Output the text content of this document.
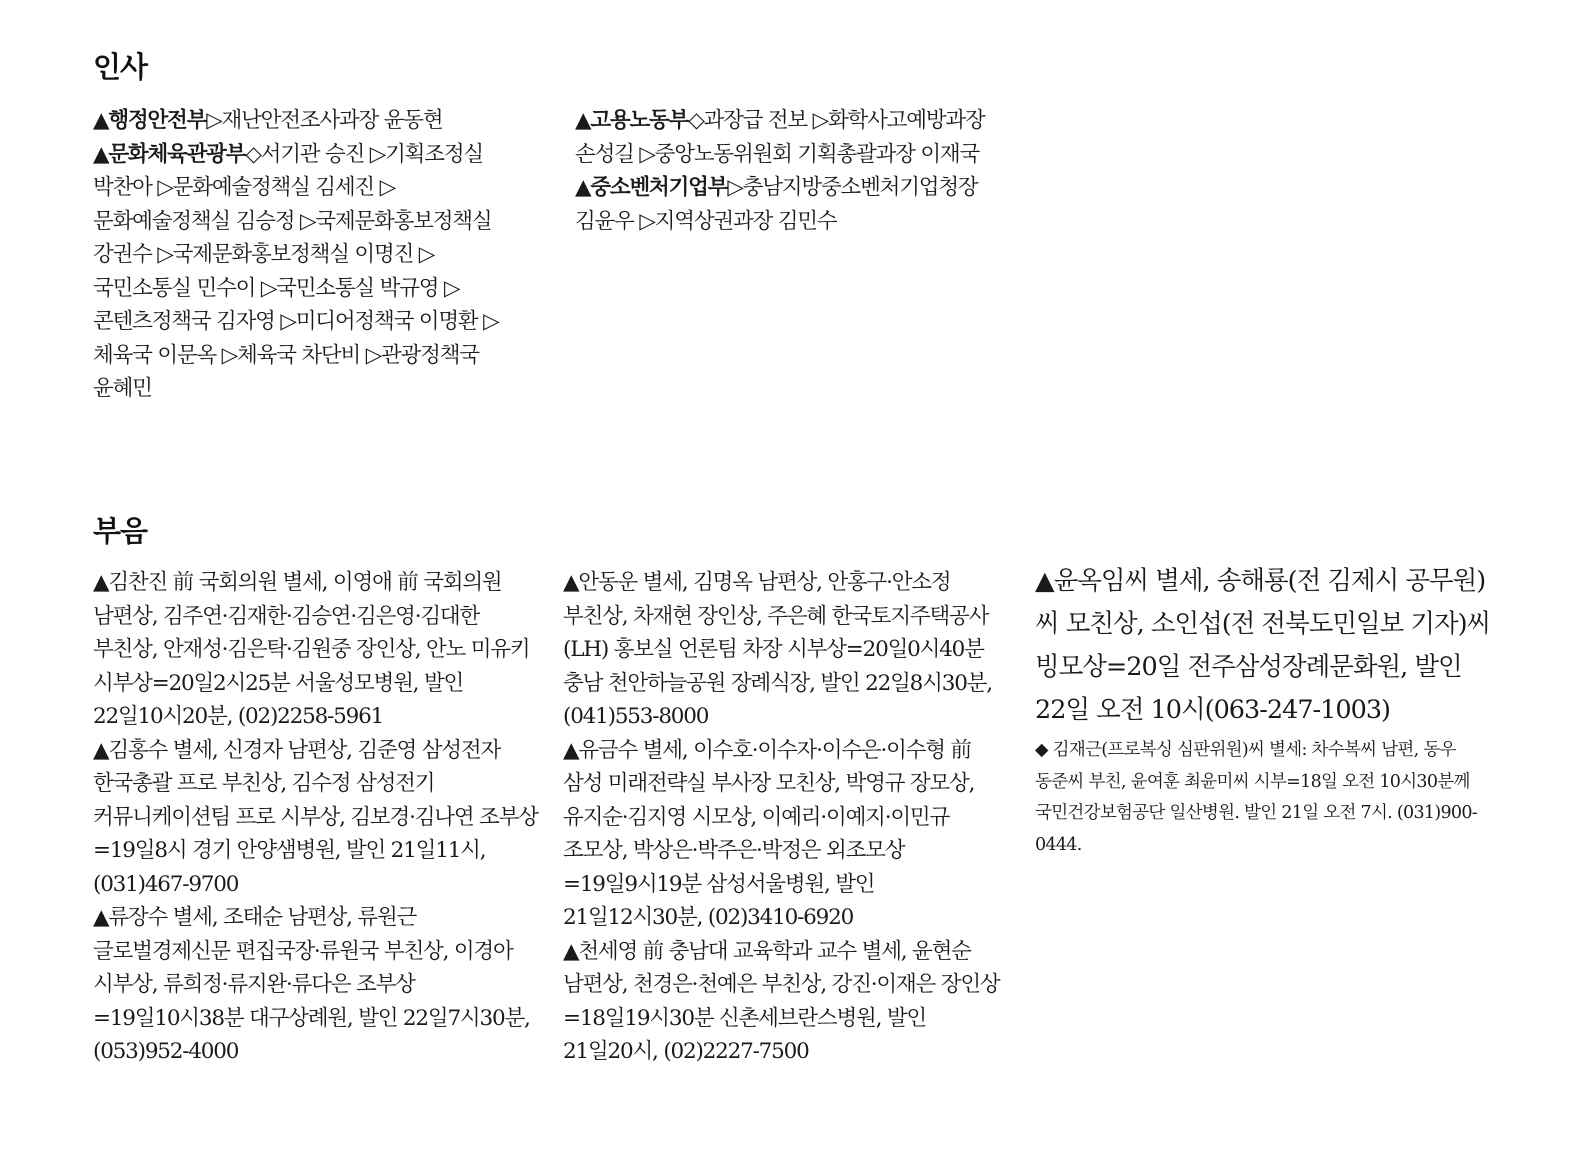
인사

▲행정안전부▷재난안전조사과장 윤동현

▲문화체육관광부◇서기관 승진 ▷기획조정실 박찬아 ▷문화예술정책실 김세진 ▷문화예술정책실 김승정 ▷국제문화홍보정책실 강권수 ▷국제문화홍보정책실 이명진 ▷국민소통실 민수이 ▷국민소통실 박규영 ▷콘텐츠정책국 김자영 ▷미디어정책국 이명환 ▷체육국 이문옥 ▷체육국 차단비 ▷관광정책국 윤혜민

▲고용노동부◇과장급 전보 ▷화학사고예방과장 손성길 ▷중앙노동위원회 기획총괄과장 이재국

▲중소벤처기업부▷충남지방중소벤처기업청장 김윤우 ▷지역상권과장 김민수

부음

▲김찬진 前 국회의원 별세, 이영애 前 국회의원 남편상, 김주연·김재한·김승연·김은영·김대한 부친상, 안재성·김은탁·김원중 장인상, 안노 미유키 시부상=20일2시25분 서울성모병원, 발인 22일10시20분, (02)2258-5961

▲김홍수 별세, 신경자 남편상, 김준영 삼성전자 한국총괄 프로 부친상, 김수정 삼성전기 커뮤니케이션팀 프로 시부상, 김보경·김나연 조부상=19일8시 경기 안양샘병원, 발인 21일11시, (031)467-9700

▲류장수 별세, 조태순 남편상, 류원근 글로벌경제신문 편집국장·류원국 부친상, 이경아 시부상, 류희정·류지완·류다은 조부상=19일10시38분 대구상례원, 발인 22일7시30분, (053)952-4000

▲안동운 별세, 김명옥 남편상, 안홍구·안소정 부친상, 차재현 장인상, 주은혜 한국토지주택공사(LH) 홍보실 언론팀 차장 시부상=20일0시40분 충남 천안하늘공원 장례식장, 발인 22일8시30분, (041)553-8000

▲유금수 별세, 이수호·이수자·이수은·이수형 前 삼성 미래전략실 부사장 모친상, 박영규 장모상, 유지순·김지영 시모상, 이예리·이예지·이민규 조모상, 박상은·박주은·박정은 외조모상=19일9시19분 삼성서울병원, 발인 21일12시30분, (02)3410-6920

▲천세영 前 충남대 교육학과 교수 별세, 윤현순 남편상, 천경은·천예은 부친상, 강진·이재은 장인상=18일19시30분 신촌세브란스병원, 발인 21일20시, (02)2227-7500

▲윤옥임씨 별세, 송해룡(전 김제시 공무원)씨 모친상, 소인섭(전 전북도민일보 기자)씨 빙모상=20일 전주삼성장례문화원, 발인 22일 오전 10시(063-247-1003)

◆ 김재근(프로복싱 심판위원)씨 별세: 차수복씨 남편, 동우 동준씨 부친, 윤여훈 최윤미씨 시부=18일 오전 10시30분께 국민건강보험공단 일산병원. 발인 21일 오전 7시. (031)900-0444.
